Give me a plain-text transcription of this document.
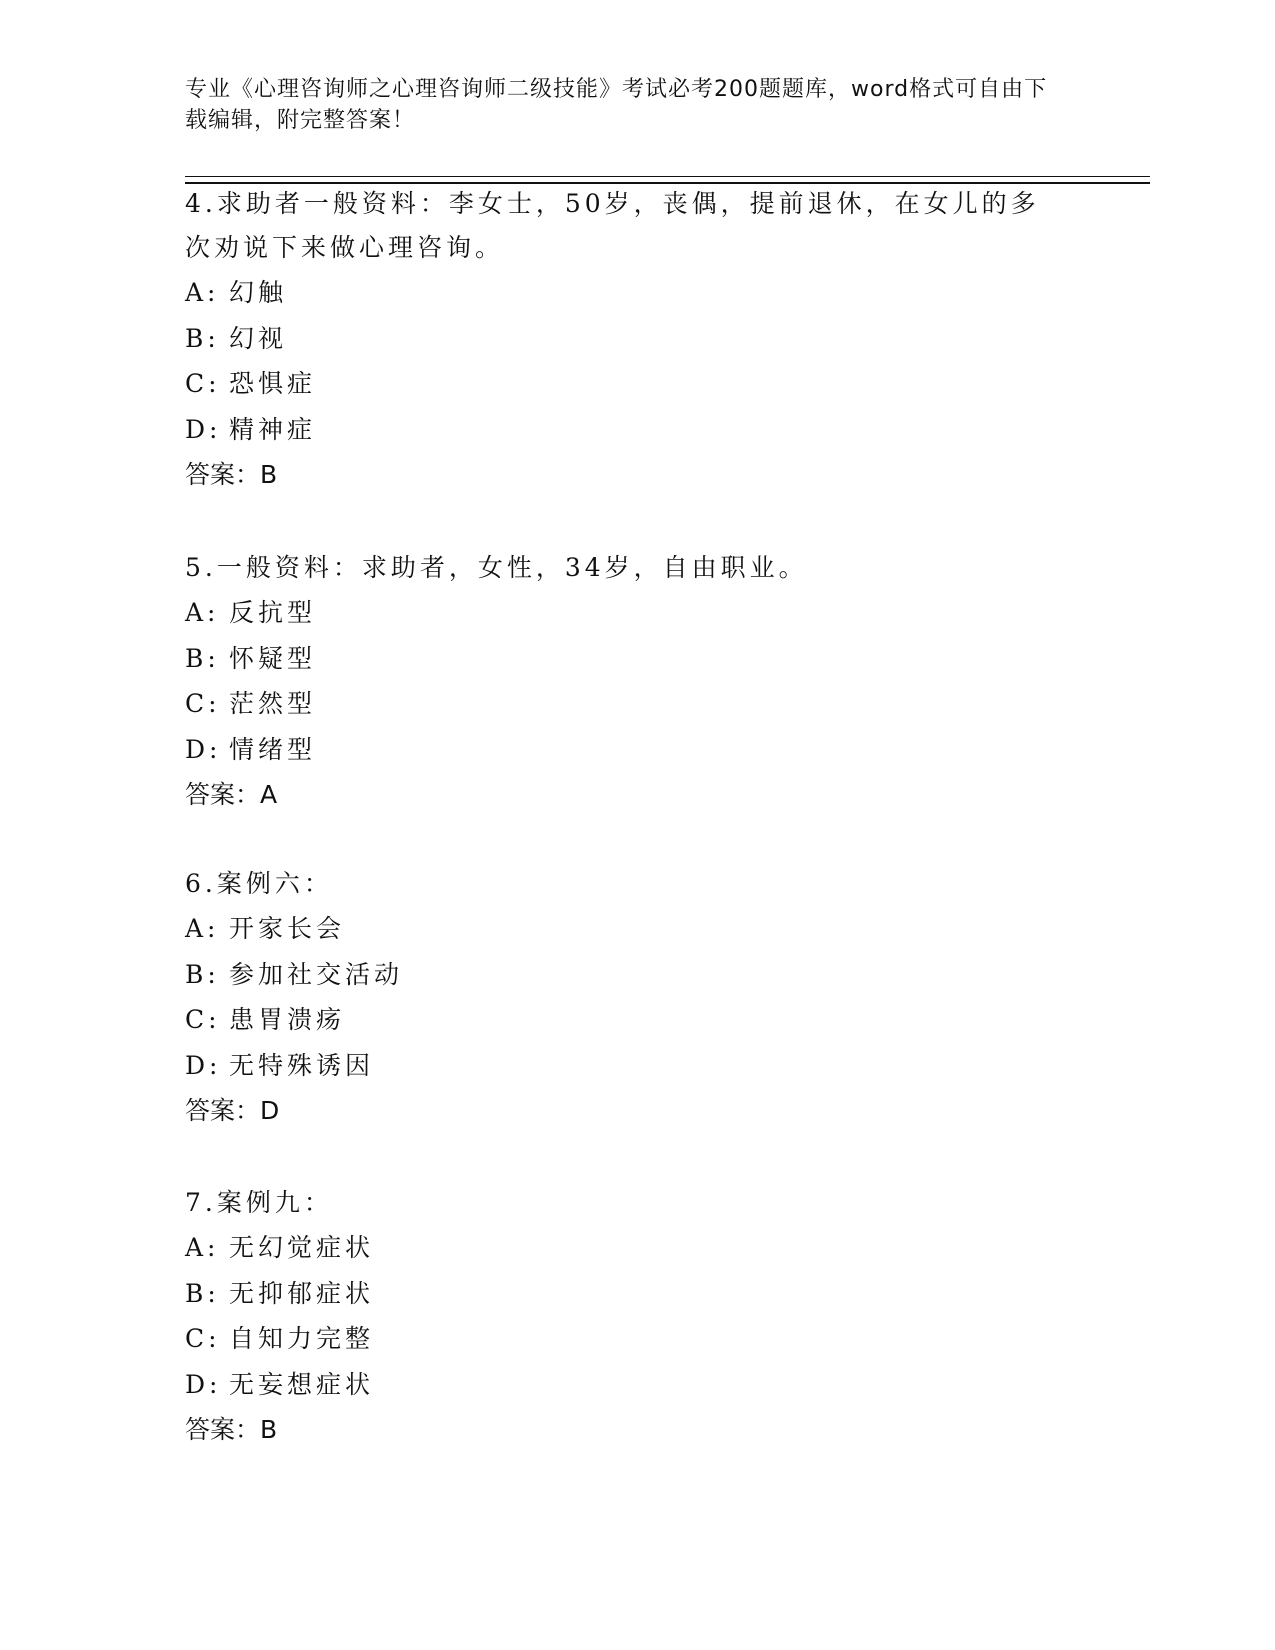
专业《心理咨询师之心理咨询师二级技能》考试必考200题题库，word格式可自由下载编辑，附完整答案！

4.求助者一般资料：李女士，50岁，丧偶，提前退休，在女儿的多次劝说下来做心理咨询。

A: 幻触
B: 幻视
C: 恐惧症
D: 精神症
答案：B

5.一般资料：求助者，女性，34岁，自由职业。

A: 反抗型
B: 怀疑型
C: 茫然型
D: 情绪型
答案：A

6.案例六：

A: 开家长会
B: 参加社交活动
C: 患胃溃疡
D: 无特殊诱因
答案：D

7.案例九：

A: 无幻觉症状
B: 无抑郁症状
C: 自知力完整
D: 无妄想症状
答案：B
